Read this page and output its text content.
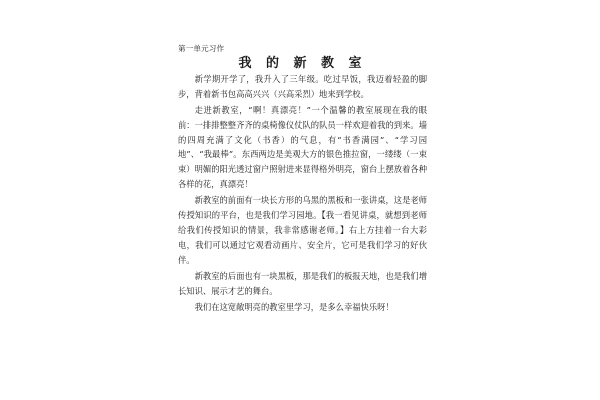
第一单元习作
我 的 新 教 室

新学期开学了，我升入了三年级。吃过早饭，我迈着轻盈的脚步，背着新书包高高兴兴（兴高采烈）地来到学校。

走进新教室，“啊！真漂亮！”一个温馨的教室展现在我的眼前：一排排整整齐齐的桌椅像仪仗队的队员一样欢迎着我的到来。墙的四周充满了文化（书香）的气息，有“书香满园”、“学习园地”、“我最棒”。东西两边是美观大方的银色推拉窗，一缕缕（一束束）明媚的阳光透过窗户照射进来显得格外明亮，窗台上摆放着各种各样的花，真漂亮！

新教室的前面有一块长方形的乌黑的黑板和一张讲桌，这是老师传授知识的平台，也是我们学习园地。【我一看见讲桌，就想到老师给我们传授知识的情景，我非常感谢老师。】右上方挂着一台大彩电，我们可以通过它观看动画片、安全片，它可是我们学习的好伙伴。

新教室的后面也有一块黑板，那是我们的板报天地，也是我们增长知识、展示才艺的舞台。

我们在这宽敞明亮的教室里学习，是多么幸福快乐呀！
